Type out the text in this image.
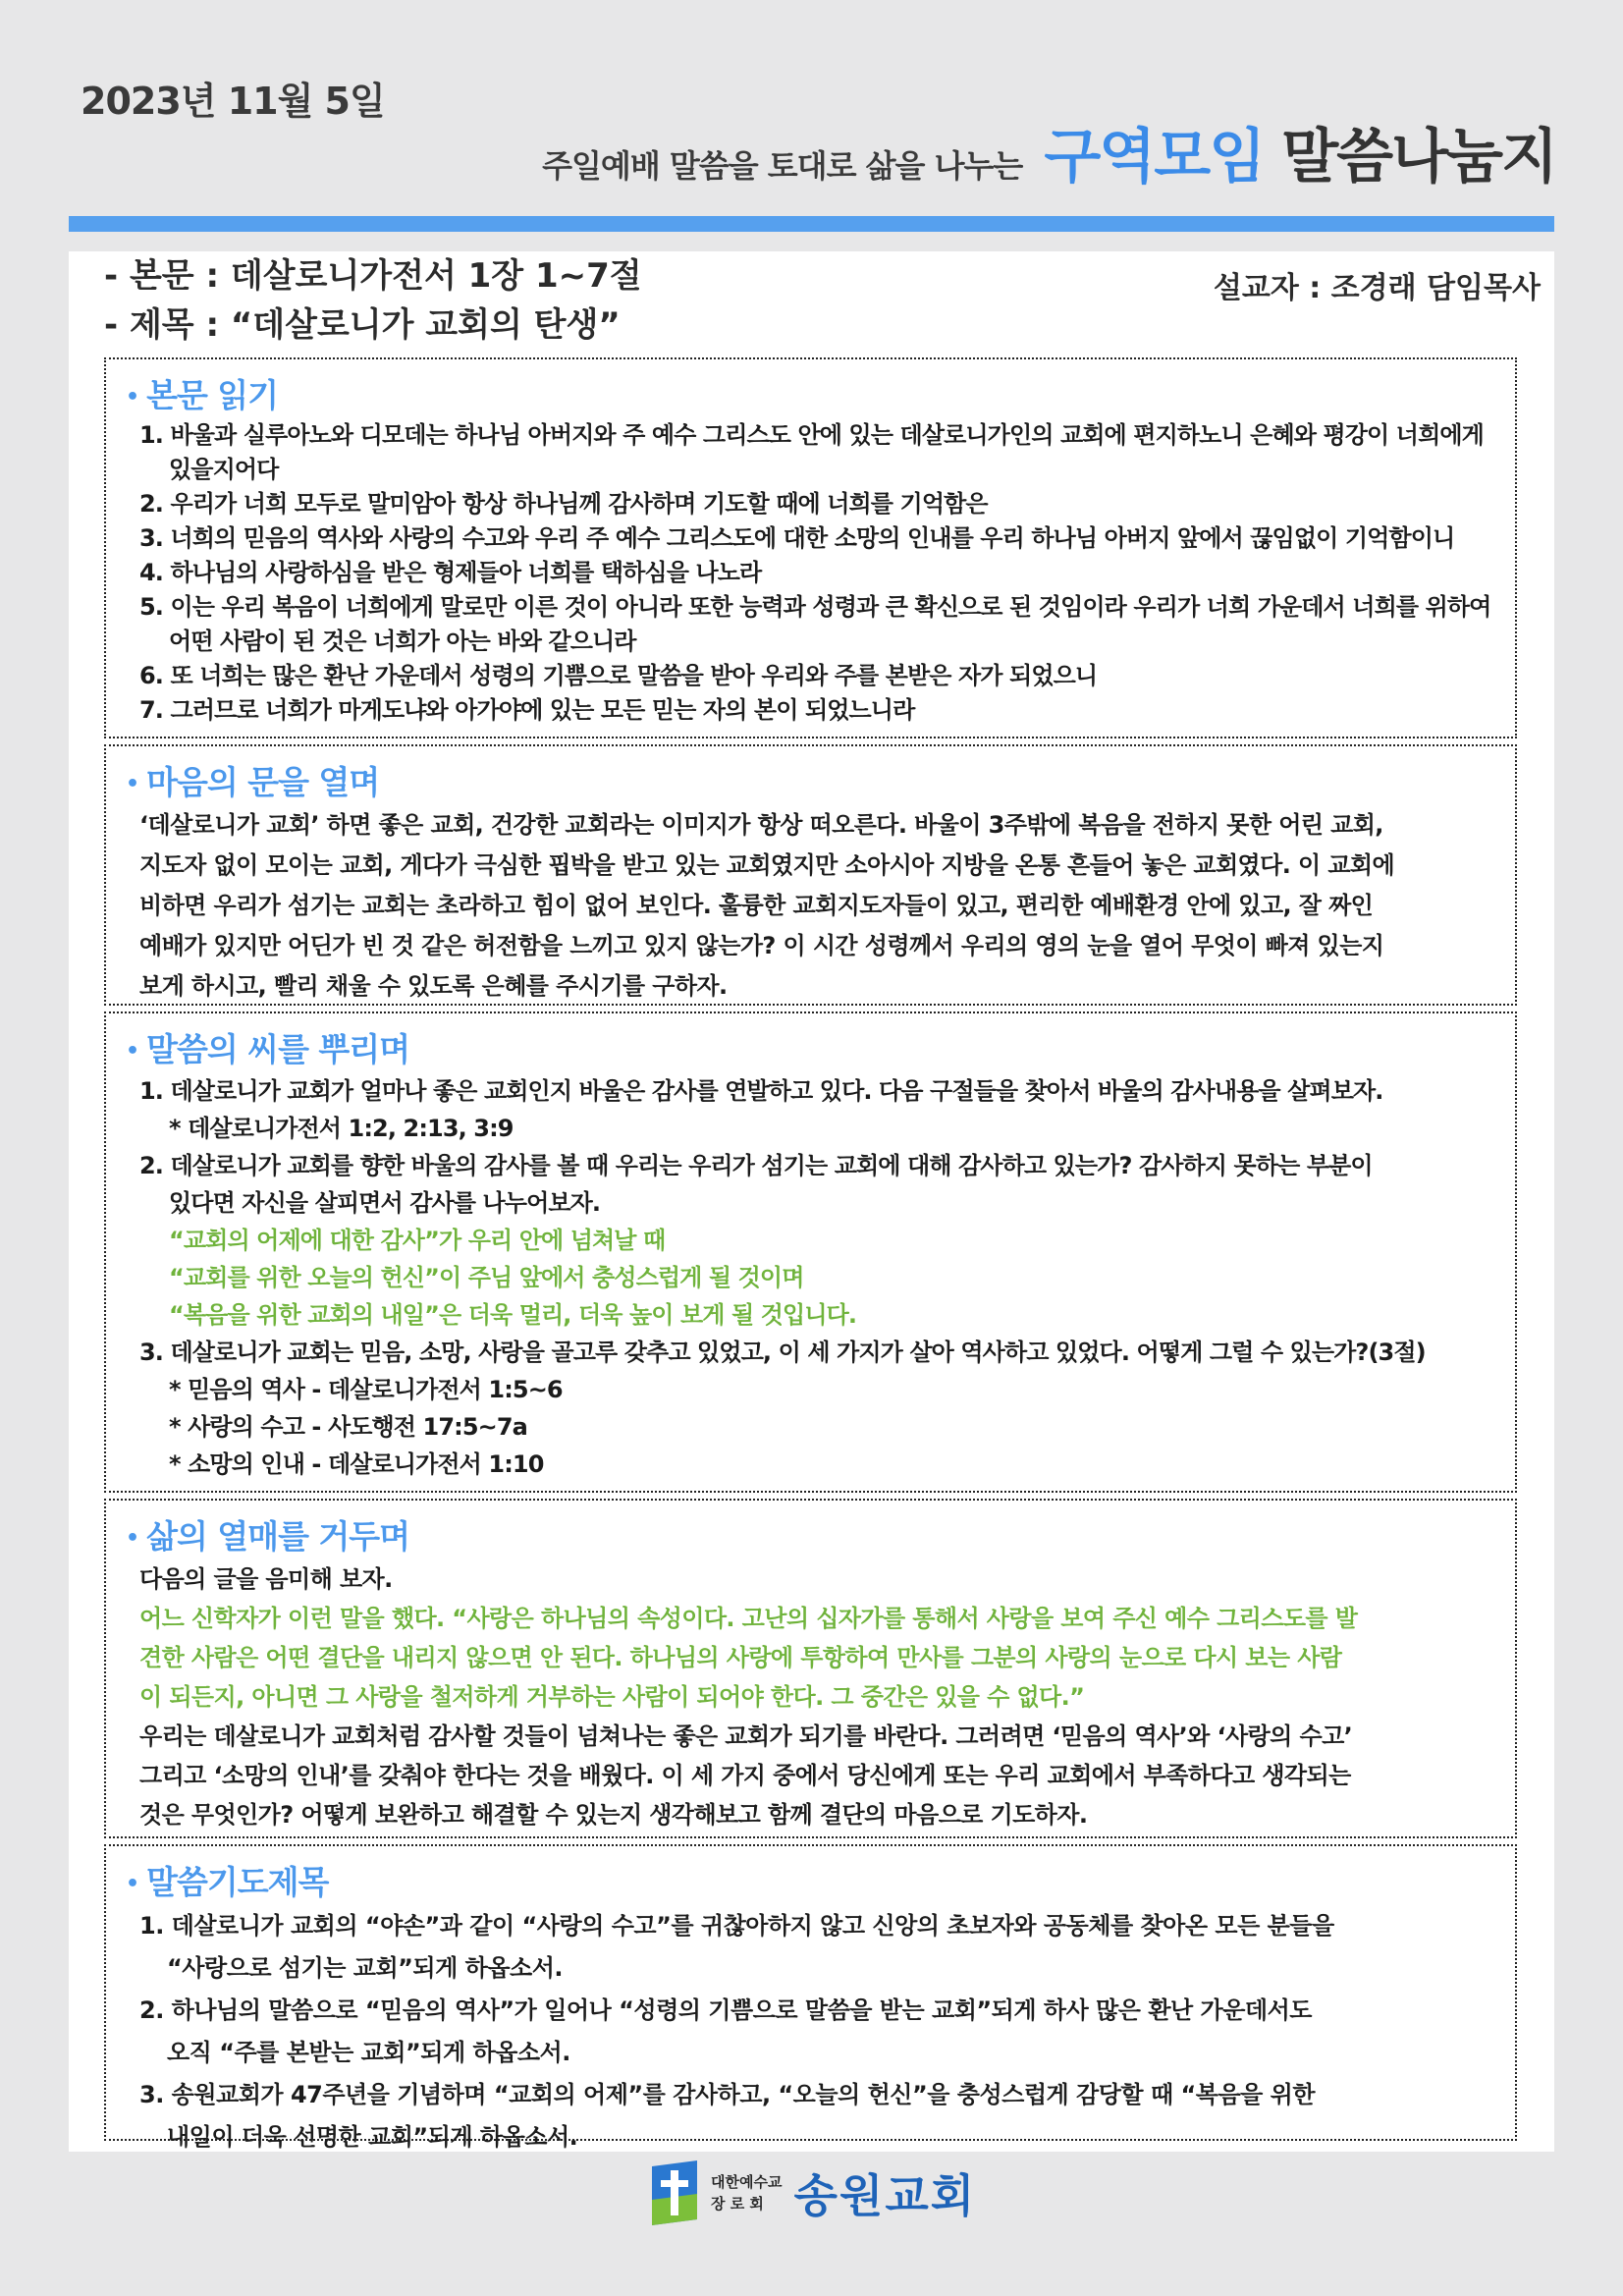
2023년 11월 5일
주일예배 말씀을 토대로 삶을 나누는 구역모임 말씀나눔지
- 본문 : 데살로니가전서 1장 1~7절
- 제목 : “데살로니가 교회의 탄생”
설교자 : 조경래 담임목사
• 본문 읽기
1. 바울과 실루아노와 디모데는 하나님 아버지와 주 예수 그리스도 안에 있는 데살로니가인의 교회에 편지하노니 은혜와 평강이 너희에게
있을지어다
2. 우리가 너희 모두로 말미암아 항상 하나님께 감사하며 기도할 때에 너희를 기억함은
3. 너희의 믿음의 역사와 사랑의 수고와 우리 주 예수 그리스도에 대한 소망의 인내를 우리 하나님 아버지 앞에서 끊임없이 기억함이니
4. 하나님의 사랑하심을 받은 형제들아 너희를 택하심을 나노라
5. 이는 우리 복음이 너희에게 말로만 이른 것이 아니라 또한 능력과 성령과 큰 확신으로 된 것임이라 우리가 너희 가운데서 너희를 위하여
어떤 사람이 된 것은 너희가 아는 바와 같으니라
6. 또 너희는 많은 환난 가운데서 성령의 기쁨으로 말씀을 받아 우리와 주를 본받은 자가 되었으니
7. 그러므로 너희가 마게도냐와 아가야에 있는 모든 믿는 자의 본이 되었느니라
• 마음의 문을 열며
‘데살로니가 교회’ 하면 좋은 교회, 건강한 교회라는 이미지가 항상 떠오른다. 바울이 3주밖에 복음을 전하지 못한 어린 교회,
지도자 없이 모이는 교회, 게다가 극심한 핍박을 받고 있는 교회였지만 소아시아 지방을 온통 흔들어 놓은 교회였다. 이 교회에
비하면 우리가 섬기는 교회는 초라하고 힘이 없어 보인다. 훌륭한 교회지도자들이 있고, 편리한 예배환경 안에 있고, 잘 짜인
예배가 있지만 어딘가 빈 것 같은 허전함을 느끼고 있지 않는가? 이 시간 성령께서 우리의 영의 눈을 열어 무엇이 빠져 있는지
보게 하시고, 빨리 채울 수 있도록 은혜를 주시기를 구하자.
• 말씀의 씨를 뿌리며
1. 데살로니가 교회가 얼마나 좋은 교회인지 바울은 감사를 연발하고 있다. 다음 구절들을 찾아서 바울의 감사내용을 살펴보자.
* 데살로니가전서 1:2, 2:13, 3:9
2. 데살로니가 교회를 향한 바울의 감사를 볼 때 우리는 우리가 섬기는 교회에 대해 감사하고 있는가? 감사하지 못하는 부분이
있다면 자신을 살피면서 감사를 나누어보자.
“교회의 어제에 대한 감사”가 우리 안에 넘쳐날 때
“교회를 위한 오늘의 헌신”이 주님 앞에서 충성스럽게 될 것이며
“복음을 위한 교회의 내일”은 더욱 멀리, 더욱 높이 보게 될 것입니다.
3. 데살로니가 교회는 믿음, 소망, 사랑을 골고루 갖추고 있었고, 이 세 가지가 살아 역사하고 있었다. 어떻게 그럴 수 있는가?(3절)
* 믿음의 역사 - 데살로니가전서 1:5~6
* 사랑의 수고 - 사도행전 17:5~7a
* 소망의 인내 - 데살로니가전서 1:10
• 삶의 열매를 거두며
다음의 글을 음미해 보자.
어느 신학자가 이런 말을 했다. “사랑은 하나님의 속성이다. 고난의 십자가를 통해서 사랑을 보여 주신 예수 그리스도를 발
견한 사람은 어떤 결단을 내리지 않으면 안 된다. 하나님의 사랑에 투항하여 만사를 그분의 사랑의 눈으로 다시 보는 사람
이 되든지, 아니면 그 사랑을 철저하게 거부하는 사람이 되어야 한다. 그 중간은 있을 수 없다.”
우리는 데살로니가 교회처럼 감사할 것들이 넘쳐나는 좋은 교회가 되기를 바란다. 그러려면 ‘믿음의 역사’와 ‘사랑의 수고’
그리고 ‘소망의 인내’를 갖춰야 한다는 것을 배웠다. 이 세 가지 중에서 당신에게 또는 우리 교회에서 부족하다고 생각되는
것은 무엇인가? 어떻게 보완하고 해결할 수 있는지 생각해보고 함께 결단의 마음으로 기도하자.
• 말씀기도제목
1. 데살로니가 교회의 “야손”과 같이 “사랑의 수고”를 귀찮아하지 않고 신앙의 초보자와 공동체를 찾아온 모든 분들을
“사랑으로 섬기는 교회”되게 하옵소서.
2. 하나님의 말씀으로 “믿음의 역사”가 일어나 “성령의 기쁨으로 말씀을 받는 교회”되게 하사 많은 환난 가운데서도
오직 “주를 본받는 교회”되게 하옵소서.
3. 송원교회가 47주년을 기념하며 “교회의 어제”를 감사하고, “오늘의 헌신”을 충성스럽게 감당할 때 “복음을 위한
내일이 더욱 선명한 교회”되게 하옵소서.
대한예수교
장 로 회 송원교회
